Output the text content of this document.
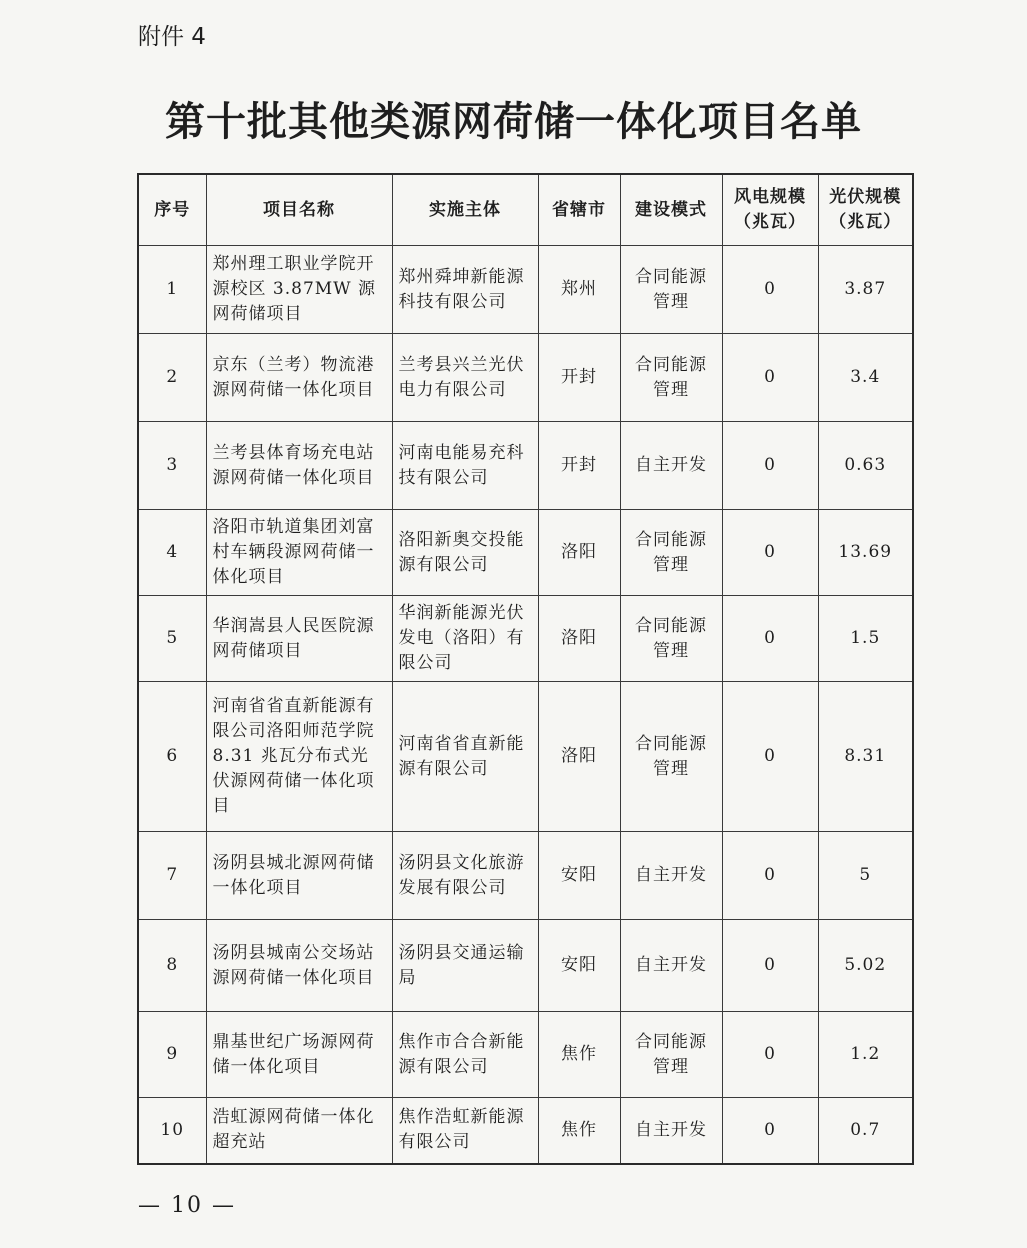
附件 4
第十批其他类源网荷储一体化项目名单
序号	项目名称	实施主体	省辖市	建设模式	风电规模（兆瓦）	光伏规模（兆瓦）
1	郑州理工职业学院开源校区 3.87MW 源网荷储项目	郑州舜坤新能源科技有限公司	郑州	合同能源管理	0	3.87
2	京东（兰考）物流港源网荷储一体化项目	兰考县兴兰光伏电力有限公司	开封	合同能源管理	0	3.4
3	兰考县体育场充电站源网荷储一体化项目	河南电能易充科技有限公司	开封	自主开发	0	0.63
4	洛阳市轨道集团刘富村车辆段源网荷储一体化项目	洛阳新奥交投能源有限公司	洛阳	合同能源管理	0	13.69
5	华润嵩县人民医院源网荷储项目	华润新能源光伏发电（洛阳）有限公司	洛阳	合同能源管理	0	1.5
6	河南省省直新能源有限公司洛阳师范学院 8.31 兆瓦分布式光伏源网荷储一体化项目	河南省省直新能源有限公司	洛阳	合同能源管理	0	8.31
7	汤阴县城北源网荷储一体化项目	汤阴县文化旅游发展有限公司	安阳	自主开发	0	5
8	汤阴县城南公交场站源网荷储一体化项目	汤阴县交通运输局	安阳	自主开发	0	5.02
9	鼎基世纪广场源网荷储一体化项目	焦作市合合新能源有限公司	焦作	合同能源管理	0	1.2
10	浩虹源网荷储一体化超充站	焦作浩虹新能源有限公司	焦作	自主开发	0	0.7
— 10 —
